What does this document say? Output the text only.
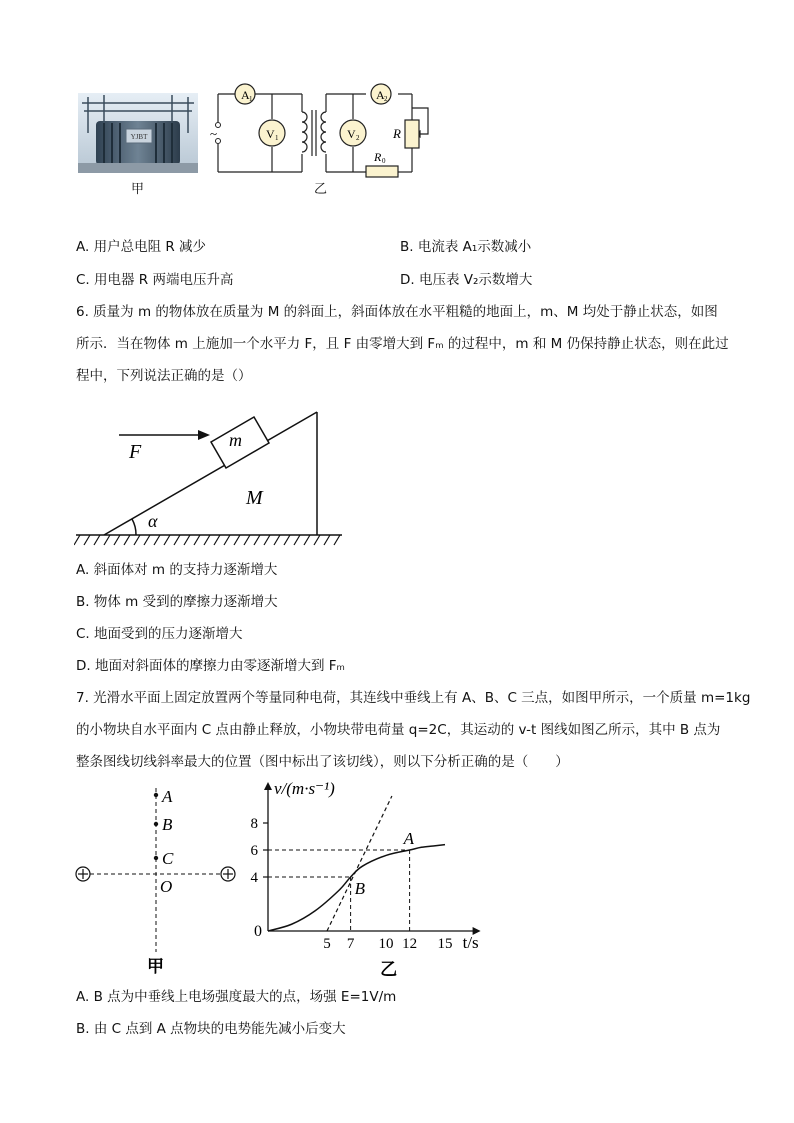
YJBT
甲
~
A 1
V 1	V 2
A 2
R
R 0
乙
A. 用户总电阻 R 减少	B. 电流表 A₁示数减小
C. 用电器 R 两端电压升高	D. 电压表 V₂示数增大
6. 质量为 m 的物体放在质量为 M 的斜面上，斜面体放在水平粗糙的地面上，m、M 均处于静止状态，如图
所示．当在物体 m 上施加一个水平力 F，且 F 由零增大到 Fₘ 的过程中，m 和 M 仍保持静止状态，则在此过
程中，下列说法正确的是（）
F
m
M
α
A. 斜面体对 m 的支持力逐渐增大
B. 物体 m 受到的摩擦力逐渐增大
C. 地面受到的压力逐渐增大
D. 地面对斜面体的摩擦力由零逐渐增大到 Fₘ
7. 光滑水平面上固定放置两个等量同种电荷，其连线中垂线上有 A、B、C 三点，如图甲所示，一个质量 m=1kg
的小物块自水平面内 C 点由静止释放，小物块带电荷量 q=2C，其运动的 v-t 图线如图乙所示，其中 B 点为
整条图线切线斜率最大的位置（图中标出了该切线），则以下分析正确的是（　　）
A
B
C
O
甲
v/(m·s⁻¹)
t/s
0
乙
5 7 10 12 15
4
6
8
A
B
A. B 点为中垂线上电场强度最大的点，场强 E=1V/m
B. 由 C 点到 A 点物块的电势能先减小后变大
